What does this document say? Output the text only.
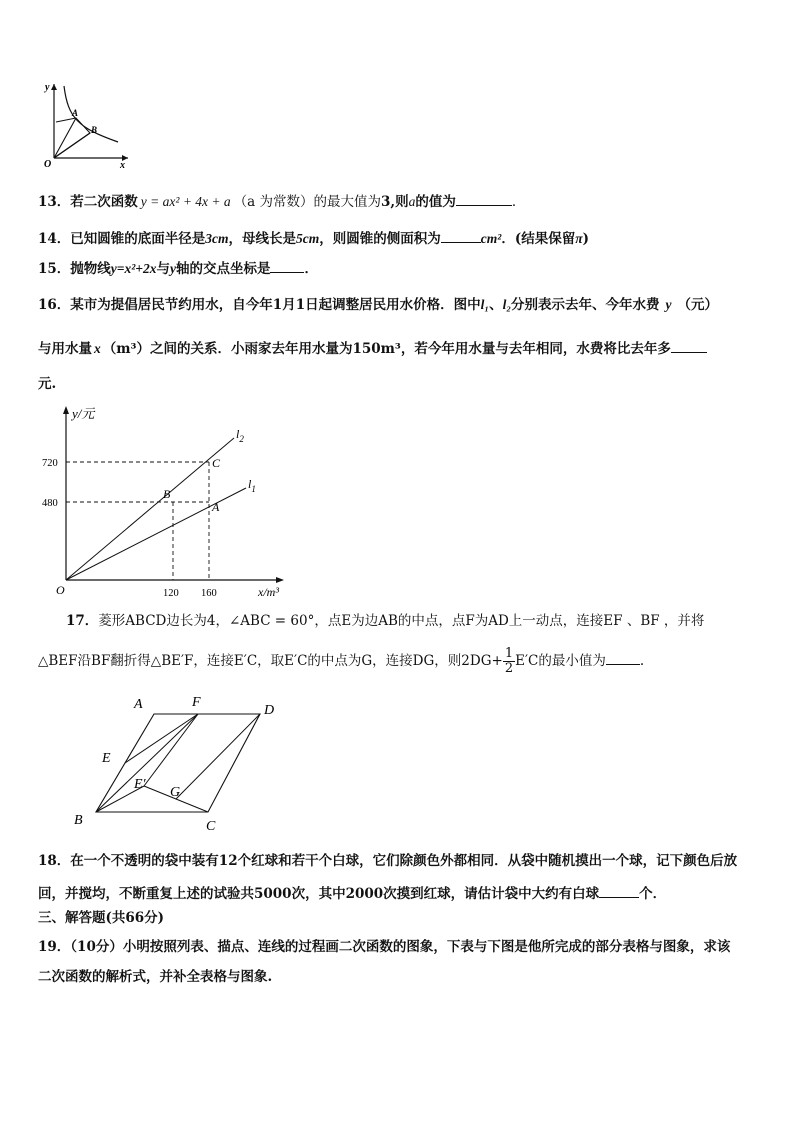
y
x
O
A
B
13．若二次函数 y = ax² + 4x + a （a 为常数）的最大值为3,则a的值为	．
14．已知圆锥的底面半径是3cm，母线长是5cm，则圆锥的侧面积为	cm²．(结果保留π)
15．抛物线y=x²+2x与y轴的交点坐标是	．
16．某市为提倡居民节约用水，自今年1月1日起调整居民用水价格．图中l₁、l₂分别表示去年、今年水费 y （元）
与用水量 x （m³）之间的关系．小雨家去年用水量为150m³，若今年用水量与去年相同，水费将比去年多
元.
y/元
x/m³
O
$l_2$
$l_1$
720
480
120 160
A
B
C
17．菱形ABCD边长为4，∠ABC = 60°，点E为边AB的中点，点F为AD上一动点，连接EF 、BF ，并将
△BEF沿BF翻折得△BE′F，连接E′C，取E′C的中点为G，连接DG，则$2DG+ \frac{1}{2} E'C$的最小值为	.
A	F
D
E
E′
G
B	C
18．在一个不透明的袋中装有12个红球和若干个白球，它们除颜色外都相同．从袋中随机摸出一个球，记下颜色后放
回，并搅均，不断重复上述的试验共5000次，其中2000次摸到红球，请估计袋中大约有白球	个．
三、解答题(共66分)
19．（10分）小明按照列表、描点、连线的过程画二次函数的图象，下表与下图是他所完成的部分表格与图象，求该
二次函数的解析式，并补全表格与图象.
